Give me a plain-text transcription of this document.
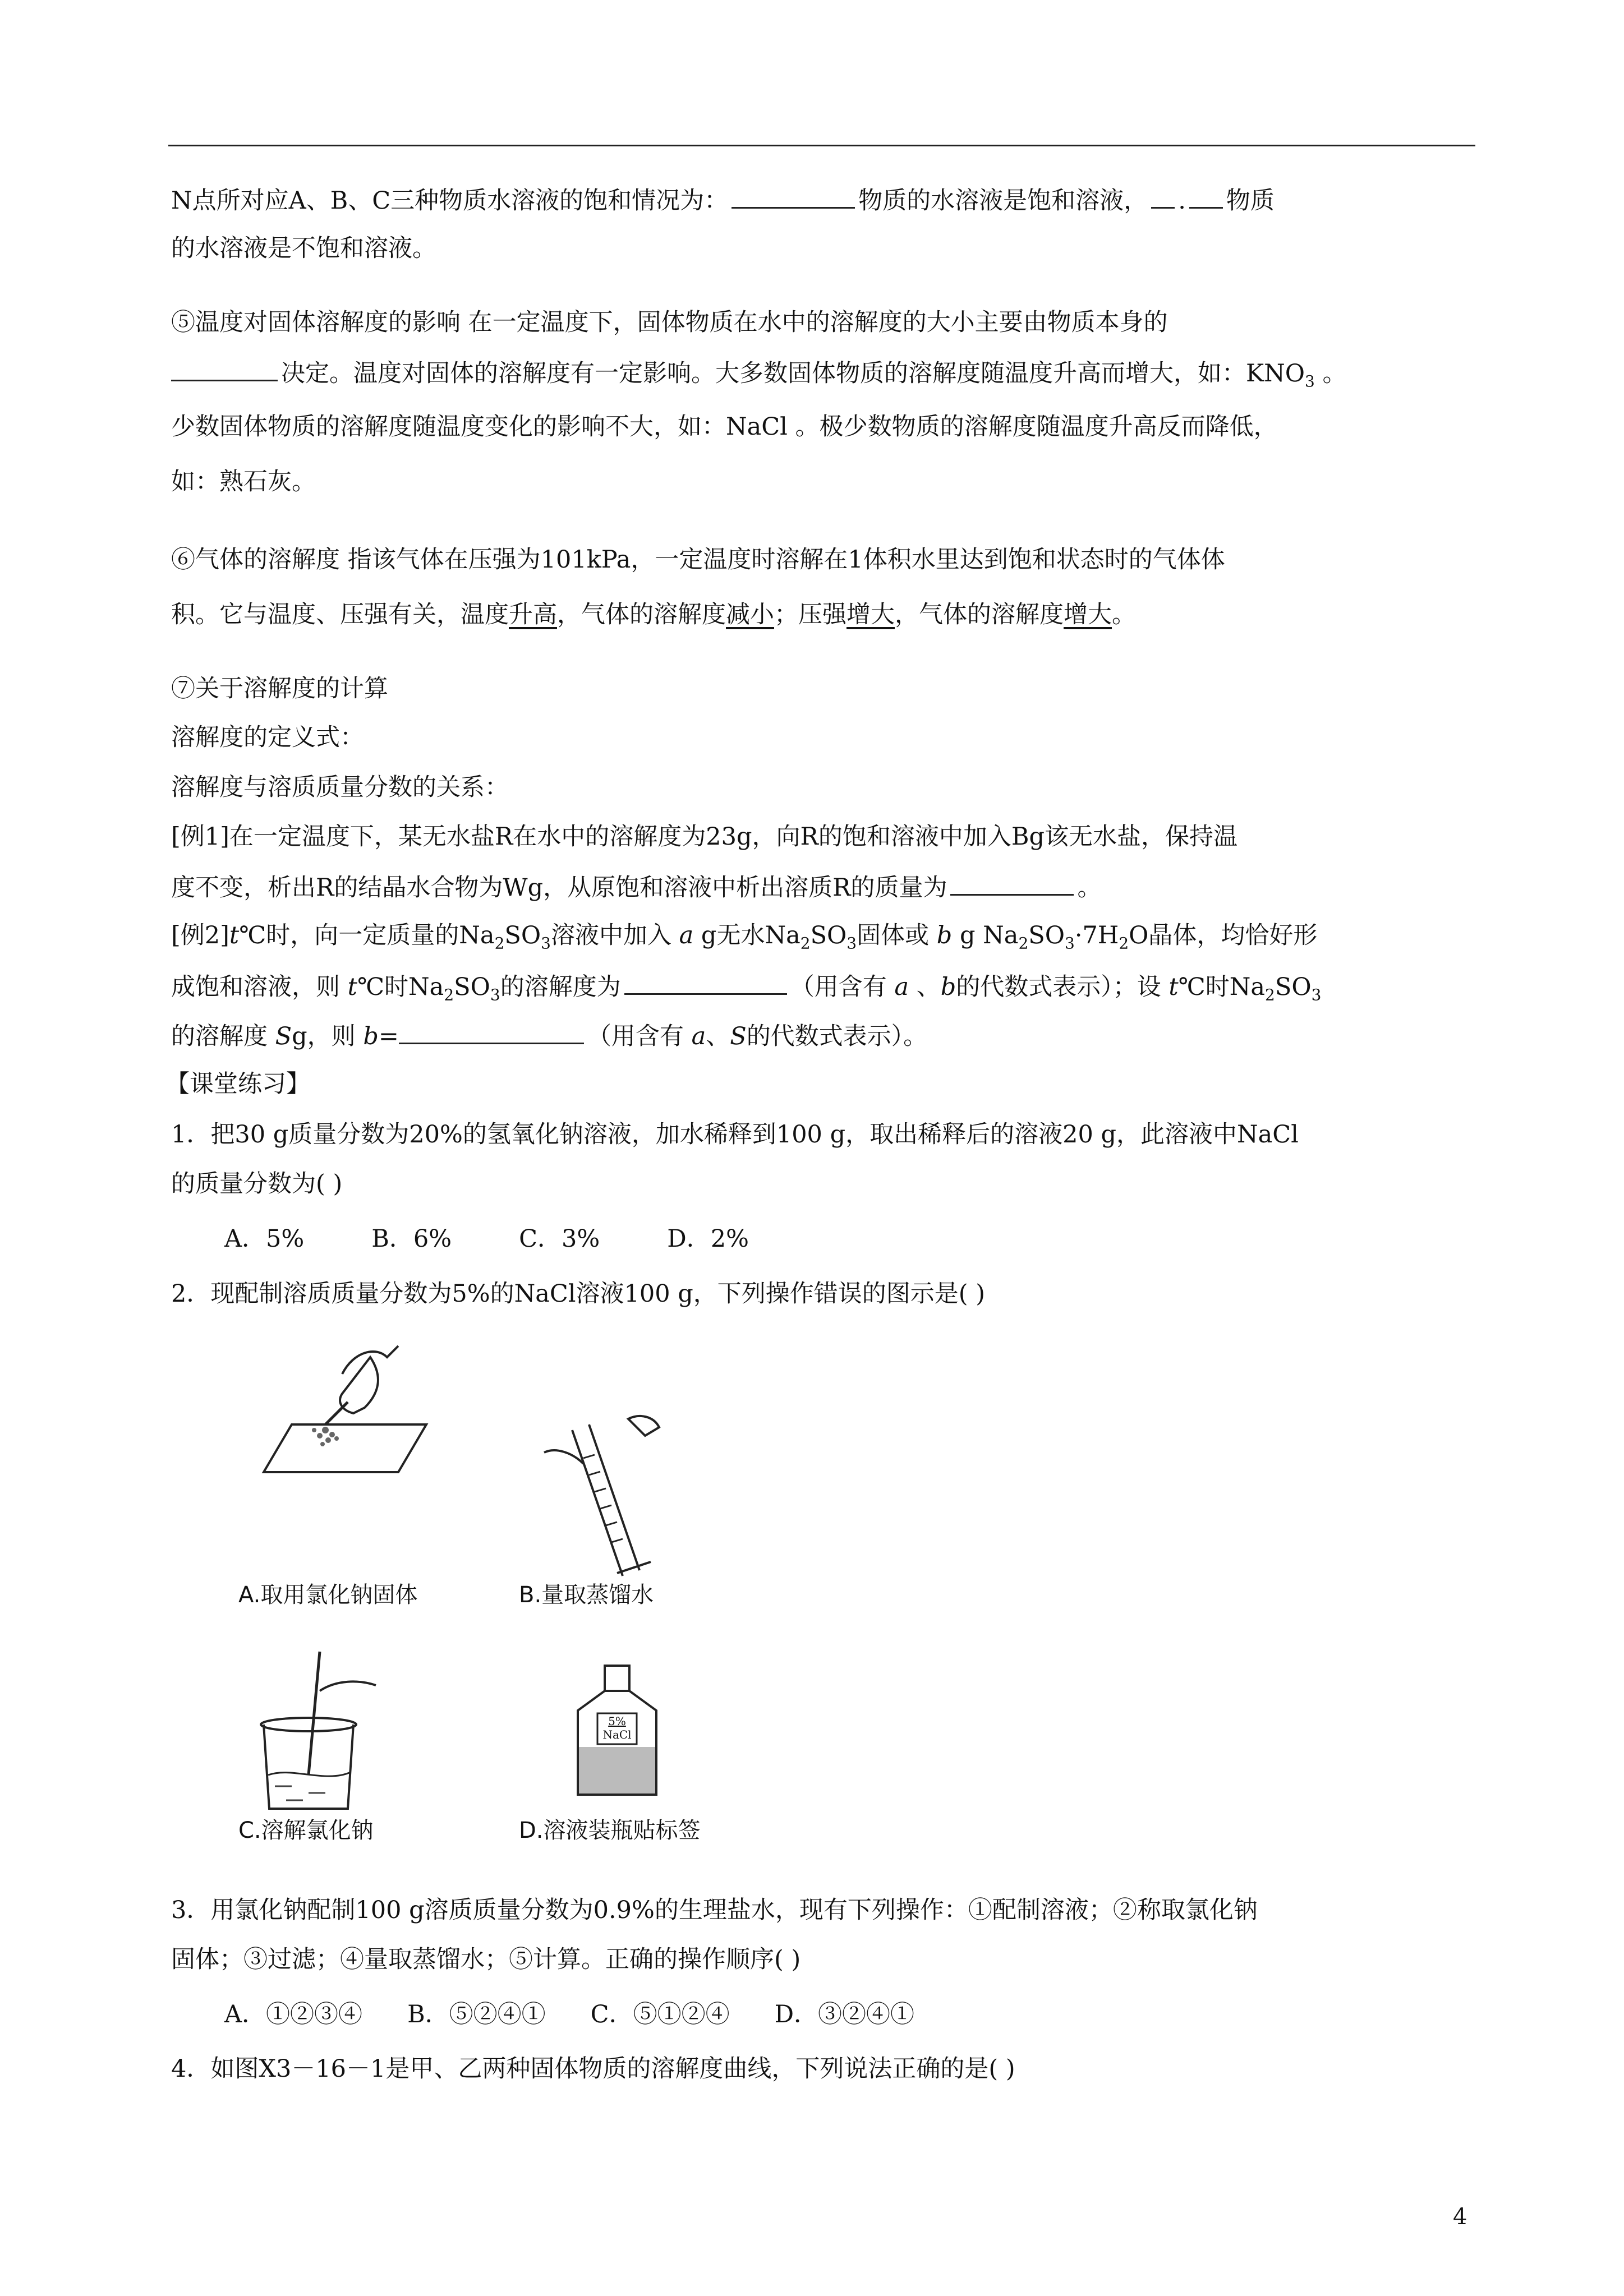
N点所对应A、B、C三种物质水溶液的饱和情况为：	物质的水溶液是饱和溶液， . 物质
的水溶液是不饱和溶液。
⑤温度对固体溶解度的影响 在一定温度下，固体物质在水中的溶解度的大小主要由物质本身的
决定。温度对固体的溶解度有一定影响。大多数固体物质的溶解度随温度升高而增大，如：$KNO_3$ 。
少数固体物质的溶解度随温度变化的影响不大，如：NaCl 。极少数物质的溶解度随温度升高反而降低，
如：熟石灰。
⑥气体的溶解度 指该气体在压强为101kPa，一定温度时溶解在1体积水里达到饱和状态时的气体体
积。它与温度、压强有关，温度升高，气体的溶解度减小；压强增大，气体的溶解度增大。
⑦关于溶解度的计算
溶解度的定义式：
溶解度与溶质质量分数的关系：
[例1]在一定温度下，某无水盐R在水中的溶解度为23g，向R的饱和溶液中加入Bg该无水盐，保持温
度不变，析出R的结晶水合物为Wg，从原饱和溶液中析出溶质R的质量为	。
[例2]t℃时，向一定质量的$Na_2SO_3$溶液中加入 a g无水$Na_2SO_3$固体或 b g $Na_2SO_3\cdot 7H_2O$晶体，均恰好形
成饱和溶液，则 t℃时$Na_2SO_3$的溶解度为	（用含有 a 、b的代数式表示）；设 t℃时$Na_2SO_3$
的溶解度 Sg，则 b=	（用含有 a、S的代数式表示）。
【课堂练习】
1．把30 g质量分数为20%的氢氧化钠溶液，加水稀释到100 g，取出稀释后的溶液20 g，此溶液中NaCl
的质量分数为( )
A．5%	B．6%	C．3%	D．2%
2．现配制溶质质量分数为5%的NaCl溶液100 g，下列操作错误的图示是( )
A.取用氯化钠固体	B.量取蒸馏水
C.溶解氯化钠
5%
NaCl
D.溶液装瓶贴标签
3．用氯化钠配制100 g溶质质量分数为0.9%的生理盐水，现有下列操作：①配制溶液；②称取氯化钠
固体；③过滤；④量取蒸馏水；⑤计算。正确的操作顺序( )
A．①②③④ B．⑤②④① C．⑤①②④ D．③②④①
4．如图X3－16－1是甲、乙两种固体物质的溶解度曲线，下列说法正确的是( )
4
